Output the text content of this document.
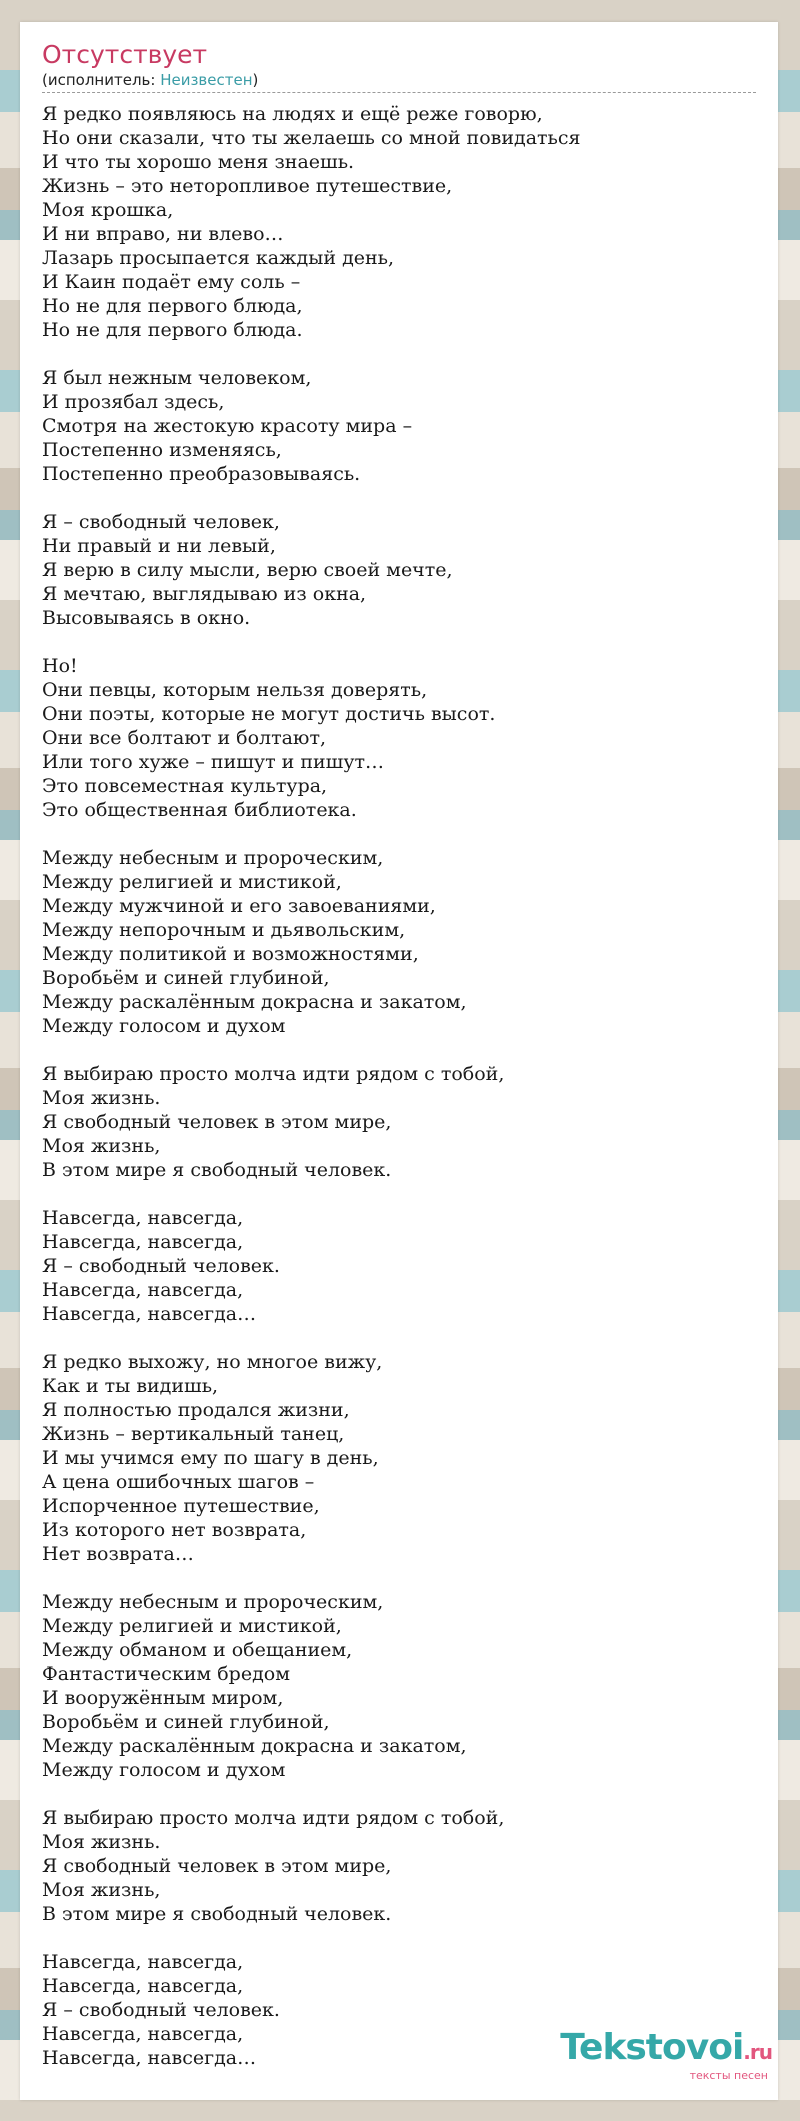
Отсутствует
(исполнитель: Неизвестен)
Я редко появляюсь на людях и ещё реже говорю,
Но они сказали, что ты желаешь со мной повидаться
И что ты хорошо меня знаешь.
Жизнь – это неторопливое путешествие,
Моя крошка,
И ни вправо, ни влево…
Лазарь просыпается каждый день,
И Каин подаёт ему соль –
Но не для первого блюда,
Но не для первого блюда.

Я был нежным человеком,
И прозябал здесь,
Смотря на жестокую красоту мира –
Постепенно изменяясь,
Постепенно преобразовываясь.

Я – свободный человек,
Ни правый и ни левый,
Я верю в силу мысли, верю своей мечте,
Я мечтаю, выглядываю из окна,
Высовываясь в окно.

Но!
Они певцы, которым нельзя доверять,
Они поэты, которые не могут достичь высот.
Они все болтают и болтают,
Или того хуже – пишут и пишут…
Это повсеместная культура,
Это общественная библиотека.

Между небесным и пророческим,
Между религией и мистикой,
Между мужчиной и его завоеваниями,
Между непорочным и дьявольским,
Между политикой и возможностями,
Воробьём и синей глубиной,
Между раскалённым докрасна и закатом,
Между голосом и духом

Я выбираю просто молча идти рядом с тобой,
Моя жизнь.
Я свободный человек в этом мире,
Моя жизнь,
В этом мире я свободный человек.

Навсегда, навсегда,
Навсегда, навсегда,
Я – свободный человек.
Навсегда, навсегда,
Навсегда, навсегда…

Я редко выхожу, но многое вижу,
Как и ты видишь,
Я полностью продался жизни,
Жизнь – вертикальный танец,
И мы учимся ему по шагу в день,
А цена ошибочных шагов –
Испорченное путешествие,
Из которого нет возврата,
Нет возврата…

Между небесным и пророческим,
Между религией и мистикой,
Между обманом и обещанием,
Фантастическим бредом
И вооружённым миром,
Воробьём и синей глубиной,
Между раскалённым докрасна и закатом,
Между голосом и духом

Я выбираю просто молча идти рядом с тобой,
Моя жизнь.
Я свободный человек в этом мире,
Моя жизнь,
В этом мире я свободный человек.

Навсегда, навсегда,
Навсегда, навсегда,
Я – свободный человек.
Навсегда, навсегда,
Навсегда, навсегда…	Tekstovoi.ru
тексты песен
